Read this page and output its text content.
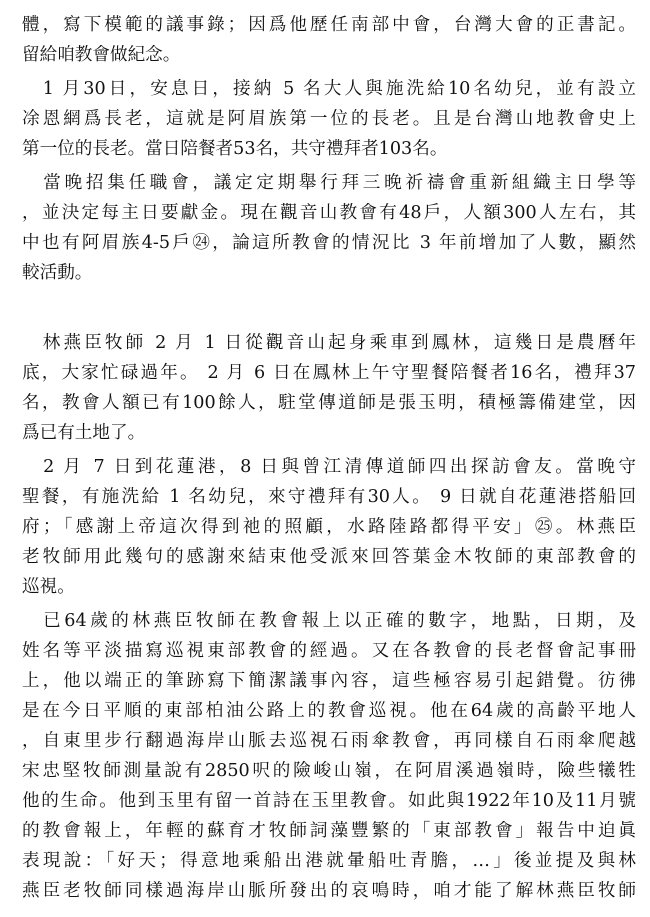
體，寫下模範的議事錄；因爲他歷任南部中會，台灣大會的正書記。
留給咱教會做紀念。
　1 月30日，安息日，接納 5 名大人與施洗給10名幼兒，並有設立
凃恩網爲長老，這就是阿眉族第一位的長老。且是台灣山地教會史上
第一位的長老。當日陪餐者53名，共守禮拜者103名。
　當晚招集任職會，議定定期舉行拜三晚祈禱會重新組織主日學等
，並決定每主日要獻金。現在觀音山教會有48戶，人額300人左右，其
中也有阿眉族4-5戶㉔，論這所教會的情況比 3 年前增加了人數，顯然
較活動。
　林燕臣牧師 2 月 1 日從觀音山起身乘車到鳳林，這幾日是農曆年
底，大家忙碌過年。 2 月 6 日在鳳林上午守聖餐陪餐者16名，禮拜37
名，教會人額已有100餘人，駐堂傳道師是張玉明，積極籌備建堂，因
爲已有土地了。
　2 月 7 日到花蓮港，8 日與曾江清傳道師四出探訪會友。當晚守
聖餐，有施洗給 1 名幼兒，來守禮拜有30人。 9 日就自花蓮港搭船回
府；「感謝上帝這次得到祂的照顧，水路陸路都得平安」㉕。林燕臣
老牧師用此幾句的感謝來結束他受派來回答葉金木牧師的東部教會的
巡視。
　已64歲的林燕臣牧師在教會報上以正確的數字，地點，日期，及
姓名等平淡描寫巡視東部教會的經過。又在各教會的長老督會記事冊
上，他以端正的筆跡寫下簡潔議事內容，這些極容易引起錯覺。彷彿
是在今日平順的東部柏油公路上的教會巡視。他在64歲的高齡平地人
，自東里步行翻過海岸山脈去巡視石雨傘教會，再同樣自石雨傘爬越
宋忠堅牧師測量說有2850呎的險峻山嶺，在阿眉溪過嶺時，險些犧牲
他的生命。他到玉里有留一首詩在玉里教會。如此與1922年10及11月號
的教會報上，年輕的蘇育才牧師詞藻豐繁的「東部教會」報告中迫眞
表現說：「好天；得意地乘船出港就暈船吐青膽，…」後並提及與林
燕臣老牧師同樣過海岸山脈所發出的哀鳴時，咱才能了解林燕臣牧師
